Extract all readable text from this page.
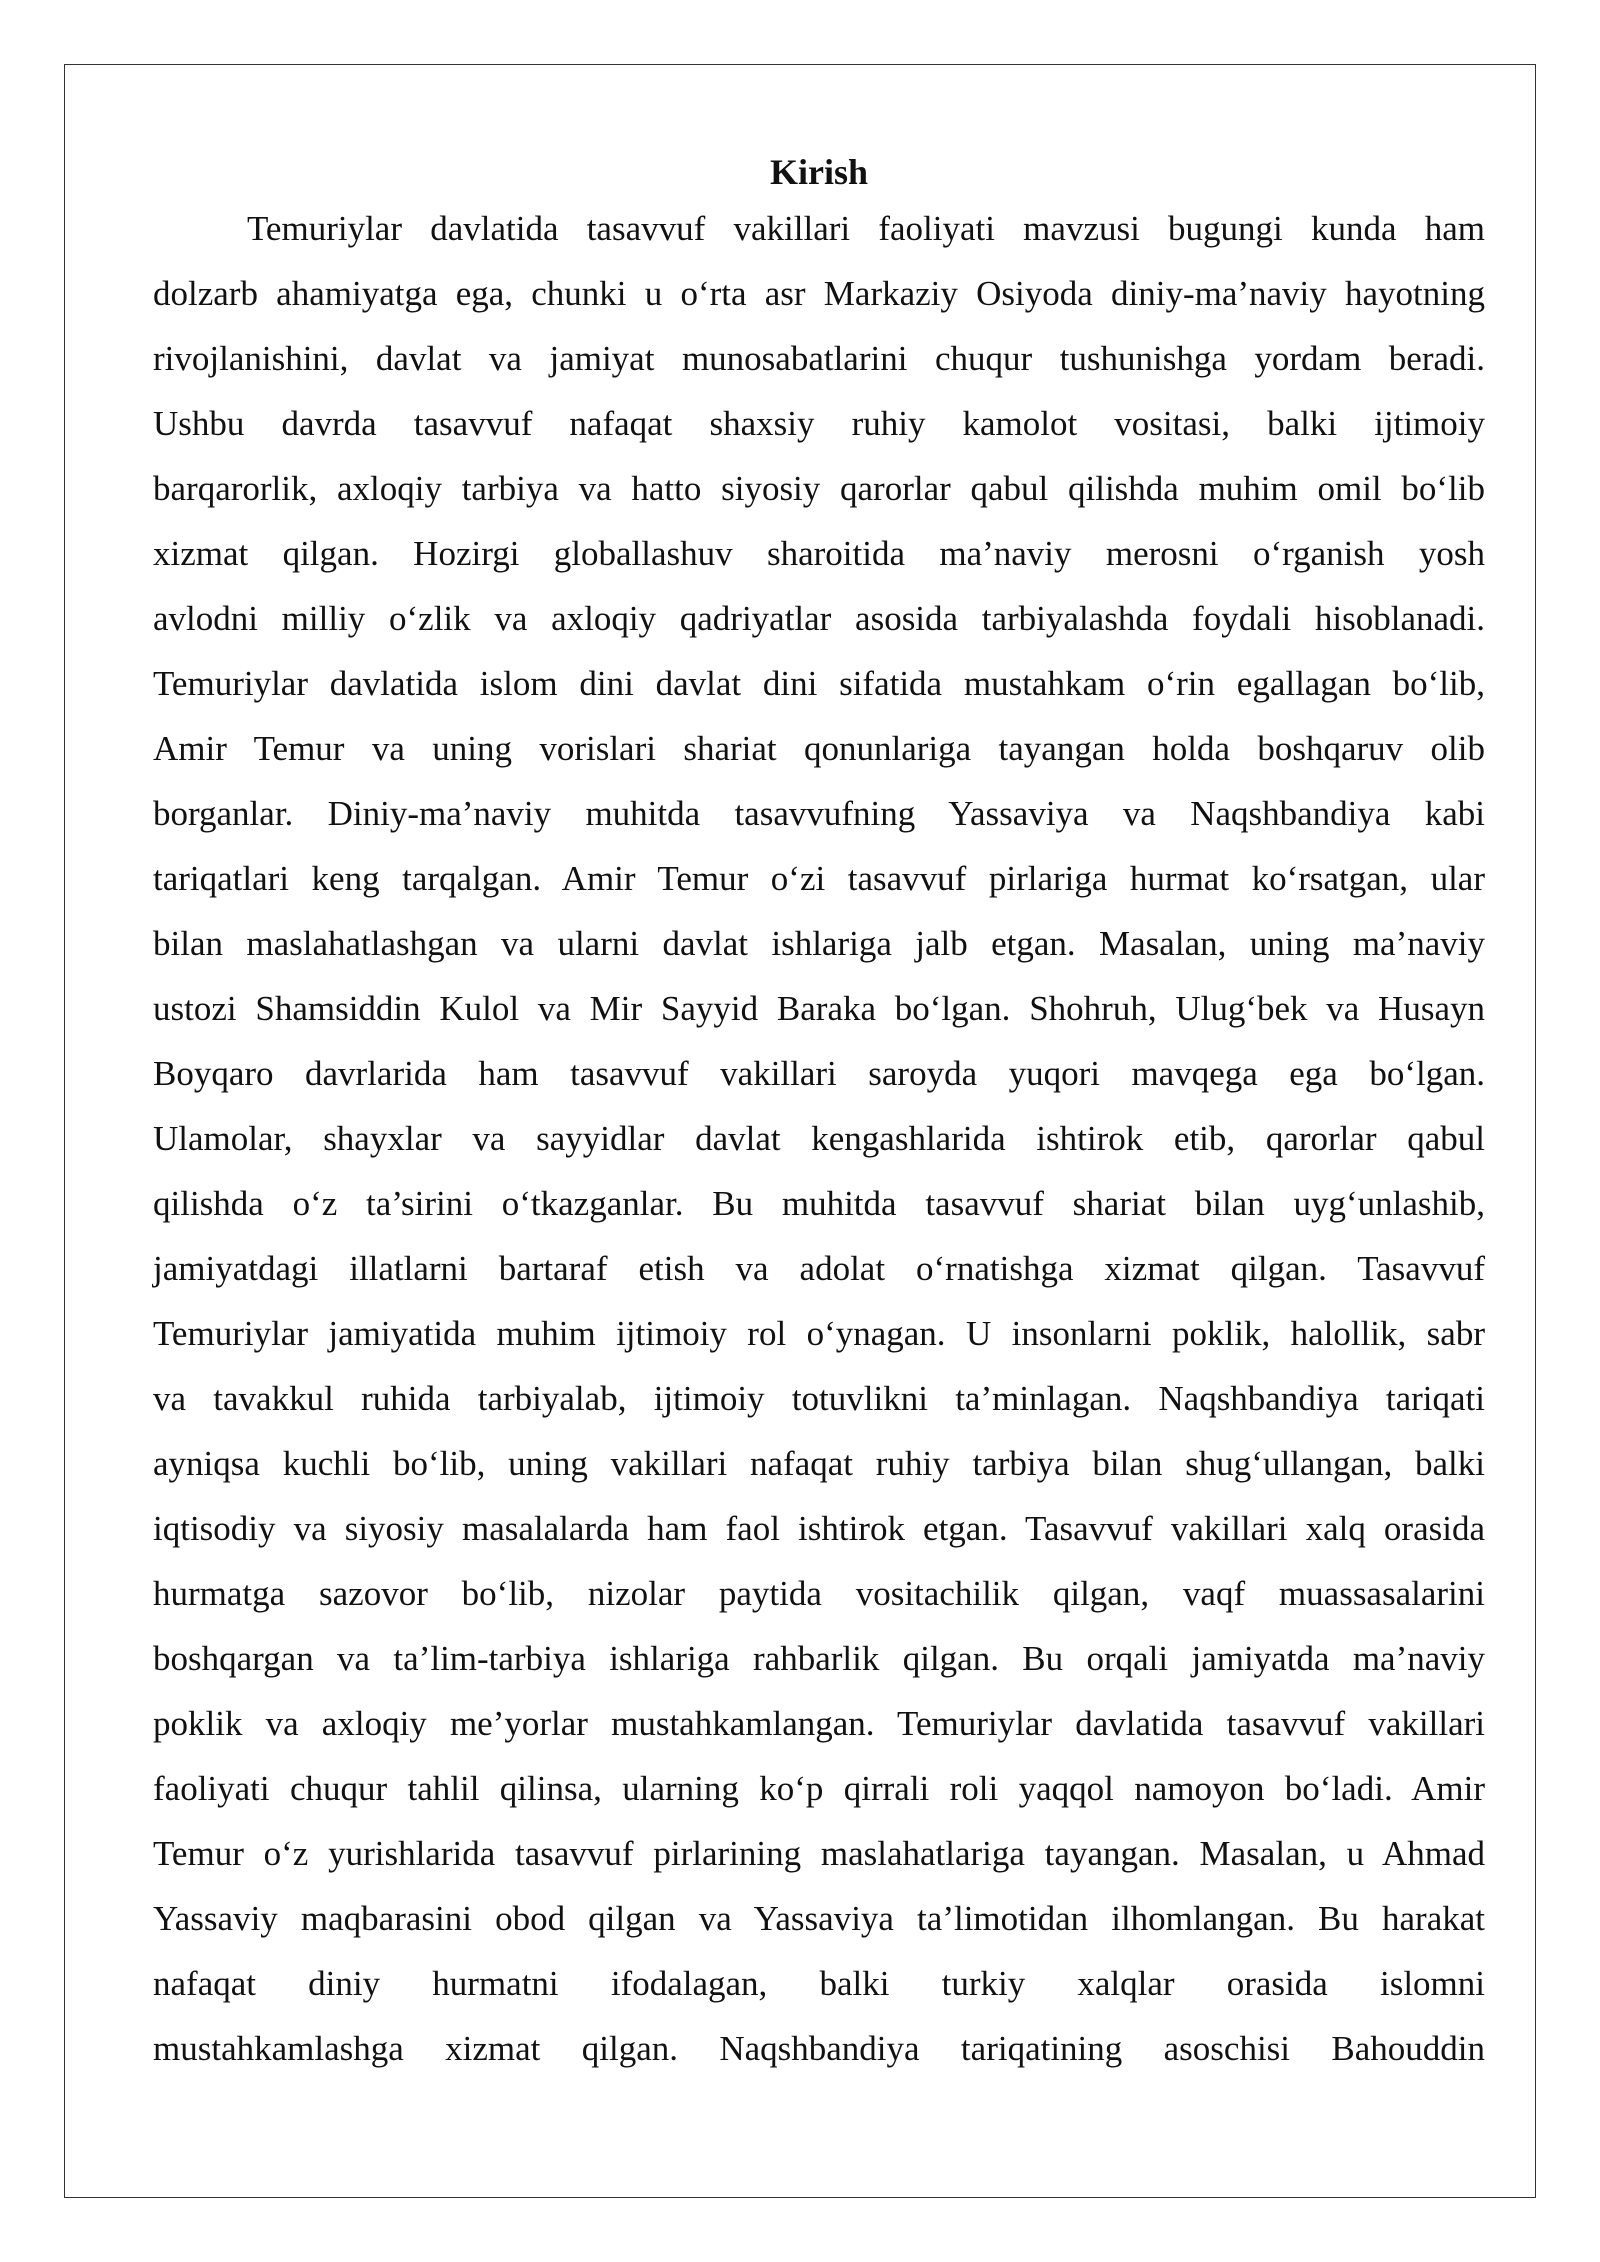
Kirish
Temuriylar davlatida tasavvuf vakillari faoliyati mavzusi bugungi kunda ham
dolzarb ahamiyatga ega, chunki u o‘rta asr Markaziy Osiyoda diniy-ma’naviy hayotning
rivojlanishini, davlat va jamiyat munosabatlarini chuqur tushunishga yordam beradi.
Ushbu davrda tasavvuf nafaqat shaxsiy ruhiy kamolot vositasi, balki ijtimoiy
barqarorlik, axloqiy tarbiya va hatto siyosiy qarorlar qabul qilishda muhim omil bo‘lib
xizmat qilgan. Hozirgi globallashuv sharoitida ma’naviy merosni o‘rganish yosh
avlodni milliy o‘zlik va axloqiy qadriyatlar asosida tarbiyalashda foydali hisoblanadi.
Temuriylar davlatida islom dini davlat dini sifatida mustahkam o‘rin egallagan bo‘lib,
Amir Temur va uning vorislari shariat qonunlariga tayangan holda boshqaruv olib
borganlar. Diniy-ma’naviy muhitda tasavvufning Yassaviya va Naqshbandiya kabi
tariqatlari keng tarqalgan. Amir Temur o‘zi tasavvuf pirlariga hurmat ko‘rsatgan, ular
bilan maslahatlashgan va ularni davlat ishlariga jalb etgan. Masalan, uning ma’naviy
ustozi Shamsiddin Kulol va Mir Sayyid Baraka bo‘lgan. Shohruh, Ulug‘bek va Husayn
Boyqaro davrlarida ham tasavvuf vakillari saroyda yuqori mavqega ega bo‘lgan.
Ulamolar, shayxlar va sayyidlar davlat kengashlarida ishtirok etib, qarorlar qabul
qilishda o‘z ta’sirini o‘tkazganlar. Bu muhitda tasavvuf shariat bilan uyg‘unlashib,
jamiyatdagi illatlarni bartaraf etish va adolat o‘rnatishga xizmat qilgan. Tasavvuf
Temuriylar jamiyatida muhim ijtimoiy rol o‘ynagan. U insonlarni poklik, halollik, sabr
va tavakkul ruhida tarbiyalab, ijtimoiy totuvlikni ta’minlagan. Naqshbandiya tariqati
ayniqsa kuchli bo‘lib, uning vakillari nafaqat ruhiy tarbiya bilan shug‘ullangan, balki
iqtisodiy va siyosiy masalalarda ham faol ishtirok etgan. Tasavvuf vakillari xalq orasida
hurmatga sazovor bo‘lib, nizolar paytida vositachilik qilgan, vaqf muassasalarini
boshqargan va ta’lim-tarbiya ishlariga rahbarlik qilgan. Bu orqali jamiyatda ma’naviy
poklik va axloqiy me’yorlar mustahkamlangan. Temuriylar davlatida tasavvuf vakillari
faoliyati chuqur tahlil qilinsa, ularning ko‘p qirrali roli yaqqol namoyon bo‘ladi. Amir
Temur o‘z yurishlarida tasavvuf pirlarining maslahatlariga tayangan. Masalan, u Ahmad
Yassaviy maqbarasini obod qilgan va Yassaviya ta’limotidan ilhomlangan. Bu harakat
nafaqat diniy hurmatni ifodalagan, balki turkiy xalqlar orasida islomni
mustahkamlashga xizmat qilgan. Naqshbandiya tariqatining asoschisi Bahouddin
